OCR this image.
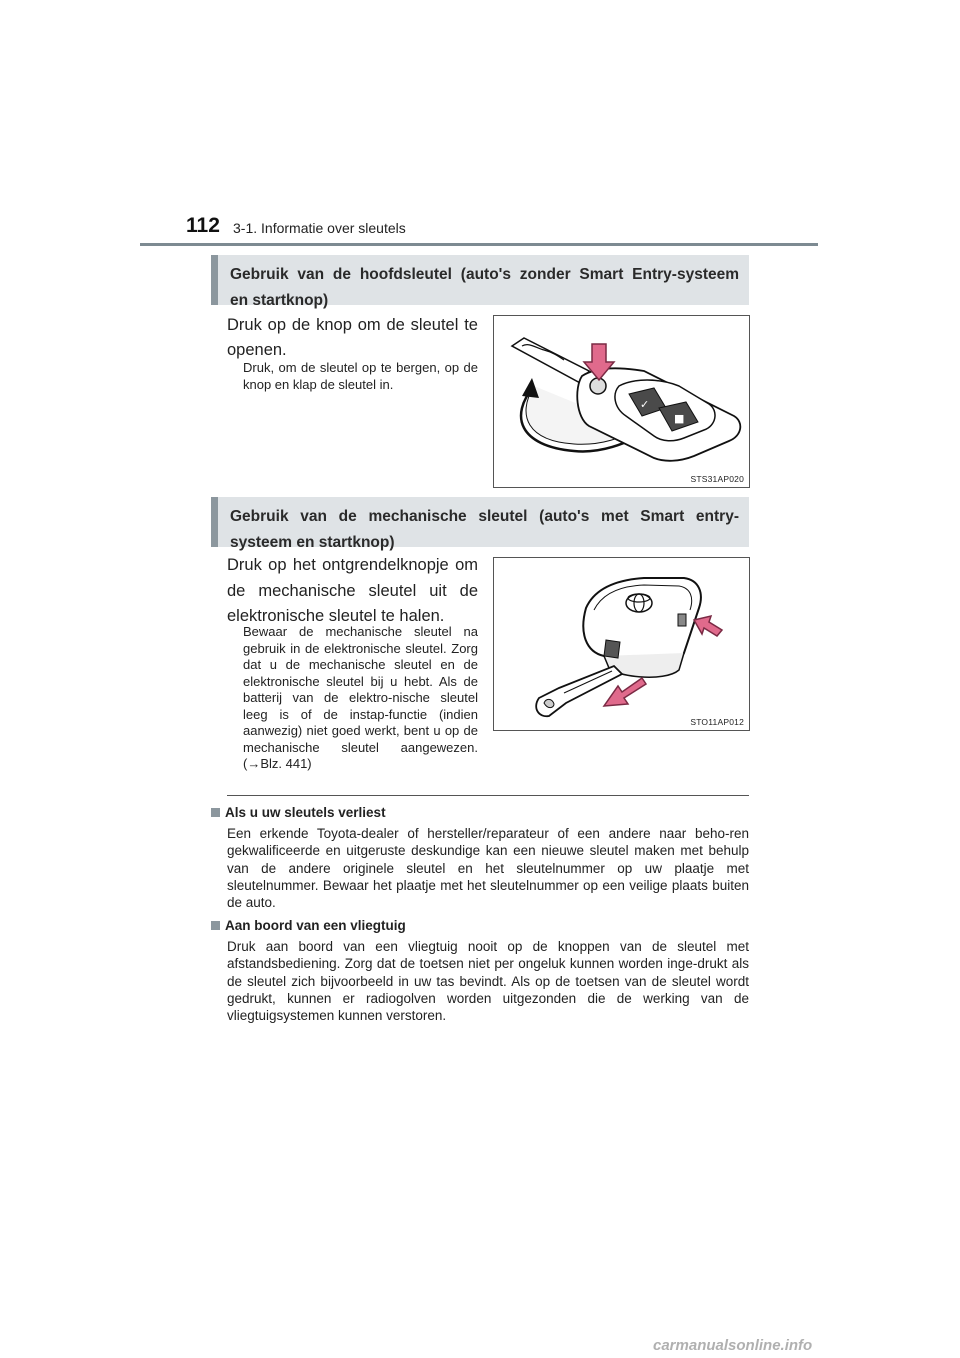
112 3-1. Informatie over sleutels
Gebruik van de hoofdsleutel (auto's zonder Smart Entry-systeem
en startknop)
Druk op de knop om de sleutel te openen.
Druk, om de sleutel op te bergen, op de knop en klap de sleutel in.
✓
■
STS31AP020
Gebruik van de mechanische sleutel (auto's met Smart entry-
systeem en startknop)
Druk op het ontgrendelknopje om de mechanische sleutel uit de elektronische sleutel te halen.
Bewaar de mechanische sleutel na gebruik in de elektronische sleutel. Zorg dat u de mechanische sleutel en de elektronische sleutel bij u hebt. Als de batterij van de elektro-nische sleutel leeg is of de instap-functie (indien aanwezig) niet goed werkt, bent u op de mechanische sleutel aangewezen. (→Blz. 441)
STO11AP012
Als u uw sleutels verliest
Een erkende Toyota-dealer of hersteller/reparateur of een andere naar beho-ren gekwalificeerde en uitgeruste deskundige kan een nieuwe sleutel maken met behulp van de andere originele sleutel en het sleutelnummer op uw plaatje met sleutelnummer. Bewaar het plaatje met het sleutelnummer op een veilige plaats buiten de auto.
Aan boord van een vliegtuig
Druk aan boord van een vliegtuig nooit op de knoppen van de sleutel met afstandsbediening. Zorg dat de toetsen niet per ongeluk kunnen worden inge-drukt als de sleutel zich bijvoorbeeld in uw tas bevindt. Als op de toetsen van de sleutel wordt gedrukt, kunnen er radiogolven worden uitgezonden die de werking van de vliegtuigsystemen kunnen verstoren.
carmanualsonline.info
